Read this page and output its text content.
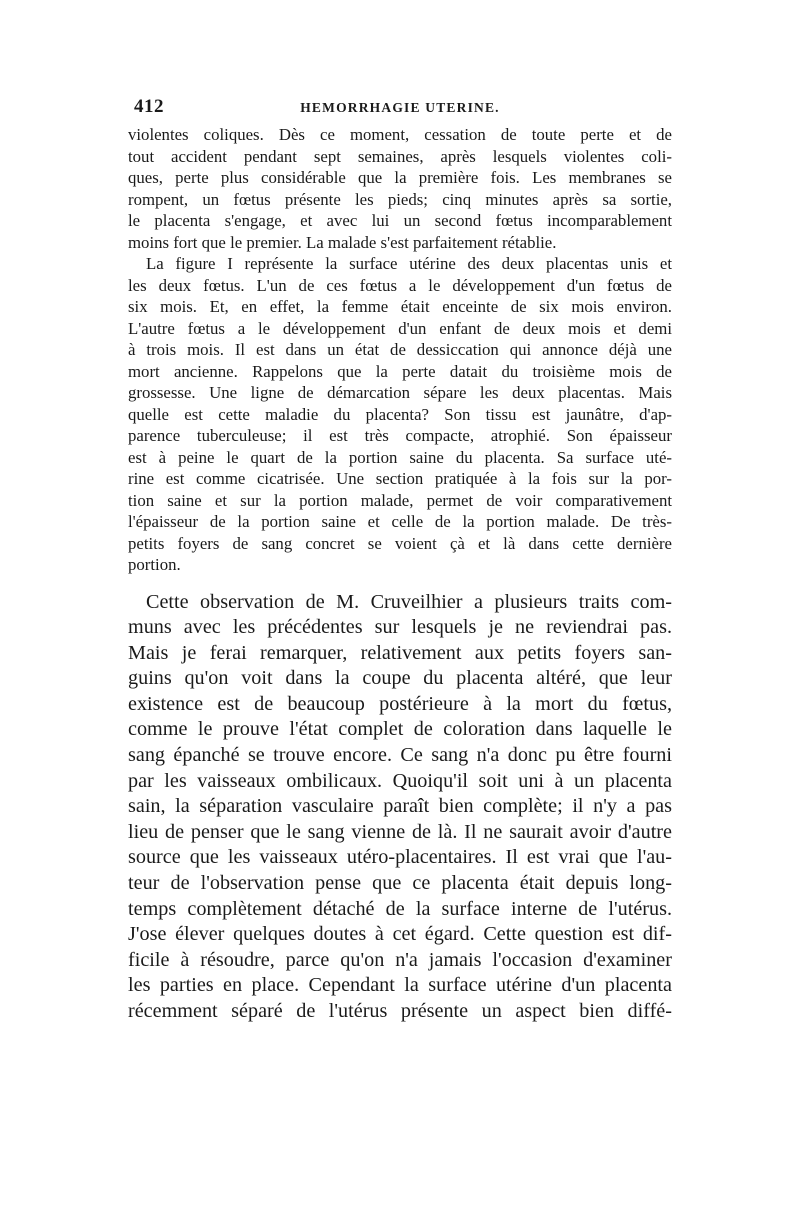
412	HEMORRHAGIE UTERINE.
violentes coliques. Dès ce moment, cessation de toute perte et de
tout accident pendant sept semaines, après lesquels violentes coli-
ques, perte plus considérable que la première fois. Les membranes se
rompent, un fœtus présente les pieds; cinq minutes après sa sortie,
le placenta s'engage, et avec lui un second fœtus incomparablement
moins fort que le premier. La malade s'est parfaitement rétablie.
La figure I représente la surface utérine des deux placentas unis et
les deux fœtus. L'un de ces fœtus a le développement d'un fœtus de
six mois. Et, en effet, la femme était enceinte de six mois environ.
L'autre fœtus a le développement d'un enfant de deux mois et demi
à trois mois. Il est dans un état de dessiccation qui annonce déjà une
mort ancienne. Rappelons que la perte datait du troisième mois de
grossesse. Une ligne de démarcation sépare les deux placentas. Mais
quelle est cette maladie du placenta? Son tissu est jaunâtre, d'ap-
parence tuberculeuse; il est très compacte, atrophié. Son épaisseur
est à peine le quart de la portion saine du placenta. Sa surface uté-
rine est comme cicatrisée. Une section pratiquée à la fois sur la por-
tion saine et sur la portion malade, permet de voir comparativement
l'épaisseur de la portion saine et celle de la portion malade. De très-
petits foyers de sang concret se voient çà et là dans cette dernière
portion.
Cette observation de M. Cruveilhier a plusieurs traits com-
muns avec les précédentes sur lesquels je ne reviendrai pas.
Mais je ferai remarquer, relativement aux petits foyers san-
guins qu'on voit dans la coupe du placenta altéré, que leur
existence est de beaucoup postérieure à la mort du fœtus,
comme le prouve l'état complet de coloration dans laquelle le
sang épanché se trouve encore. Ce sang n'a donc pu être fourni
par les vaisseaux ombilicaux. Quoiqu'il soit uni à un placenta
sain, la séparation vasculaire paraît bien complète; il n'y a pas
lieu de penser que le sang vienne de là. Il ne saurait avoir d'autre
source que les vaisseaux utéro-placentaires. Il est vrai que l'au-
teur de l'observation pense que ce placenta était depuis long-
temps complètement détaché de la surface interne de l'utérus.
J'ose élever quelques doutes à cet égard. Cette question est dif-
ficile à résoudre, parce qu'on n'a jamais l'occasion d'examiner
les parties en place. Cependant la surface utérine d'un placenta
récemment séparé de l'utérus présente un aspect bien diffé-
